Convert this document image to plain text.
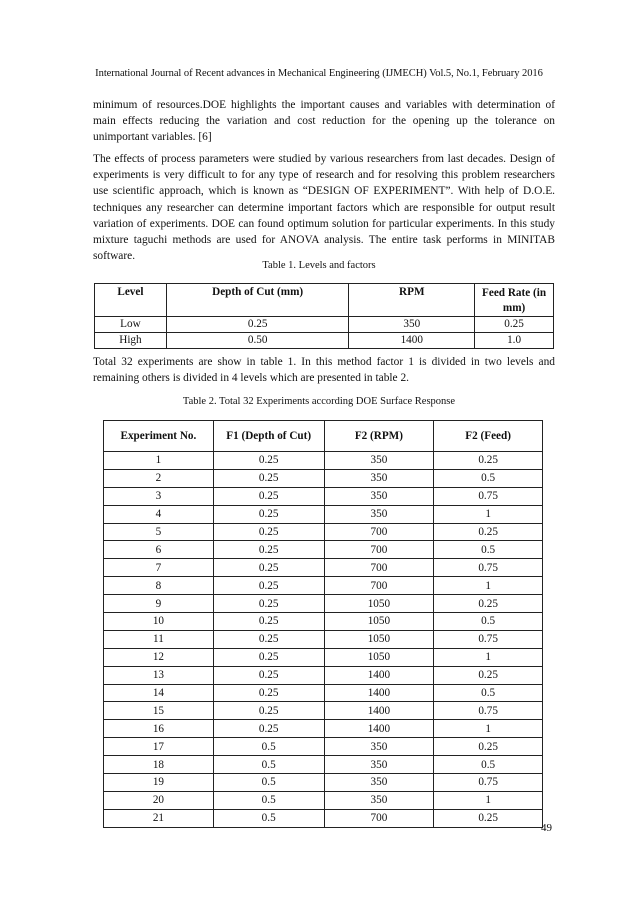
International Journal of Recent advances in Mechanical Engineering (IJMECH) Vol.5, No.1, February 2016

minimum of resources.DOE highlights the important causes and variables with determination of main effects reducing the variation and cost reduction for the opening up the tolerance on unimportant variables. [6]

The effects of process parameters were studied by various researchers from last decades. Design of experiments is very difficult to for any type of research and for resolving this problem researchers use scientific approach, which is known as “DESIGN OF EXPERIMENT”. With help of D.O.E. techniques any researcher can determine important factors which are responsible for output result variation of experiments. DOE can found optimum solution for particular experiments. In this study mixture taguchi methods are used for ANOVA analysis. The entire task performs in MINITAB software.

Table 1. Levels and factors
Level	Depth of Cut (mm)	RPM	Feed Rate (in mm)
Low	0.25	350	0.25
High	0.50	1400	1.0

Total 32 experiments are show in table 1. In this method factor 1 is divided in two levels and remaining others is divided in 4 levels which are presented in table 2.

Table 2. Total 32 Experiments according DOE Surface Response
Experiment No.	F1 (Depth of Cut)	F2 (RPM)	F2 (Feed)
1	0.25	350	0.25
2	0.25	350	0.5
3	0.25	350	0.75
4	0.25	350	1
5	0.25	700	0.25
6	0.25	700	0.5
7	0.25	700	0.75
8	0.25	700	1
9	0.25	1050	0.25
10	0.25	1050	0.5
11	0.25	1050	0.75
12	0.25	1050	1
13	0.25	1400	0.25
14	0.25	1400	0.5
15	0.25	1400	0.75
16	0.25	1400	1
17	0.5	350	0.25
18	0.5	350	0.5
19	0.5	350	0.75
20	0.5	350	1
21	0.5	700	0.25
49
